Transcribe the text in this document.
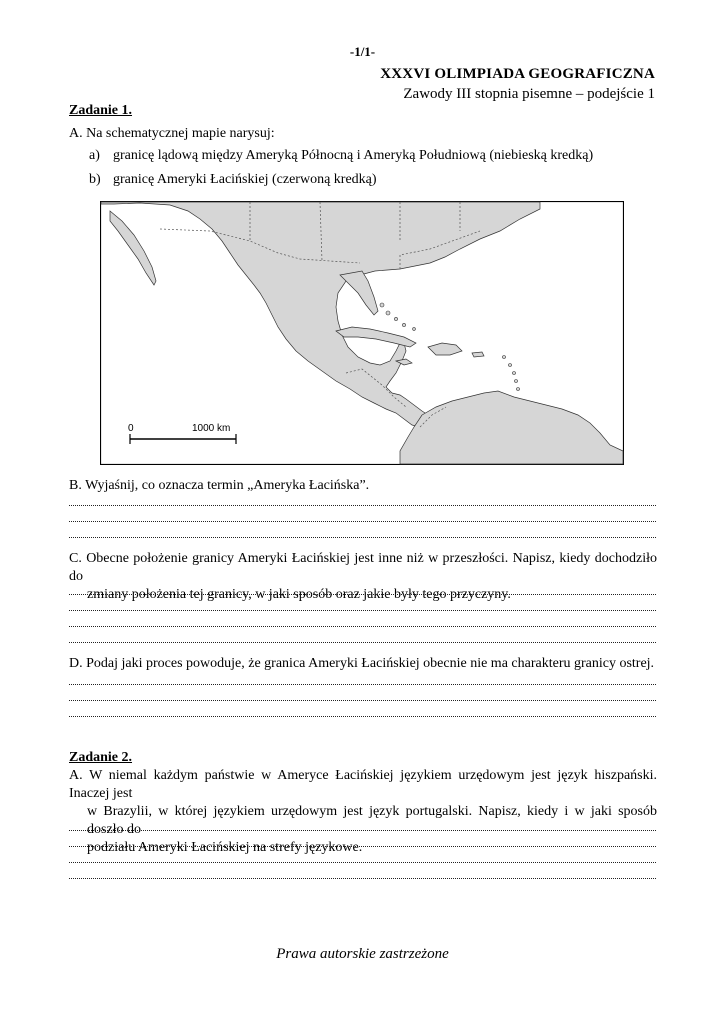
-1/1-
XXXVI OLIMPIADA GEOGRAFICZNA
Zawody III stopnia pisemne – podejście 1
Zadanie 1.
A. Na schematycznej mapie narysuj:
a) granicę lądową między Ameryką Północną i Ameryką Południową (niebieską kredką)
b) granicę Ameryki Łacińskiej (czerwoną kredką)
0	1000 km
B. Wyjaśnij, co oznacza termin „Ameryka Łacińska”.
C. Obecne położenie granicy Ameryki Łacińskiej jest inne niż w przeszłości. Napisz, kiedy dochodziło do
zmiany położenia tej granicy, w jaki sposób oraz jakie były tego przyczyny.
D. Podaj jaki proces powoduje, że granica Ameryki Łacińskiej obecnie nie ma charakteru granicy ostrej.
Zadanie 2.
A. W niemal każdym państwie w Ameryce Łacińskiej językiem urzędowym jest język hiszpański. Inaczej jest
w Brazylii, w której językiem urzędowym jest język portugalski. Napisz, kiedy i w jaki sposób doszło do
podziału Ameryki Łacińskiej na strefy językowe.
Prawa autorskie zastrzeżone
